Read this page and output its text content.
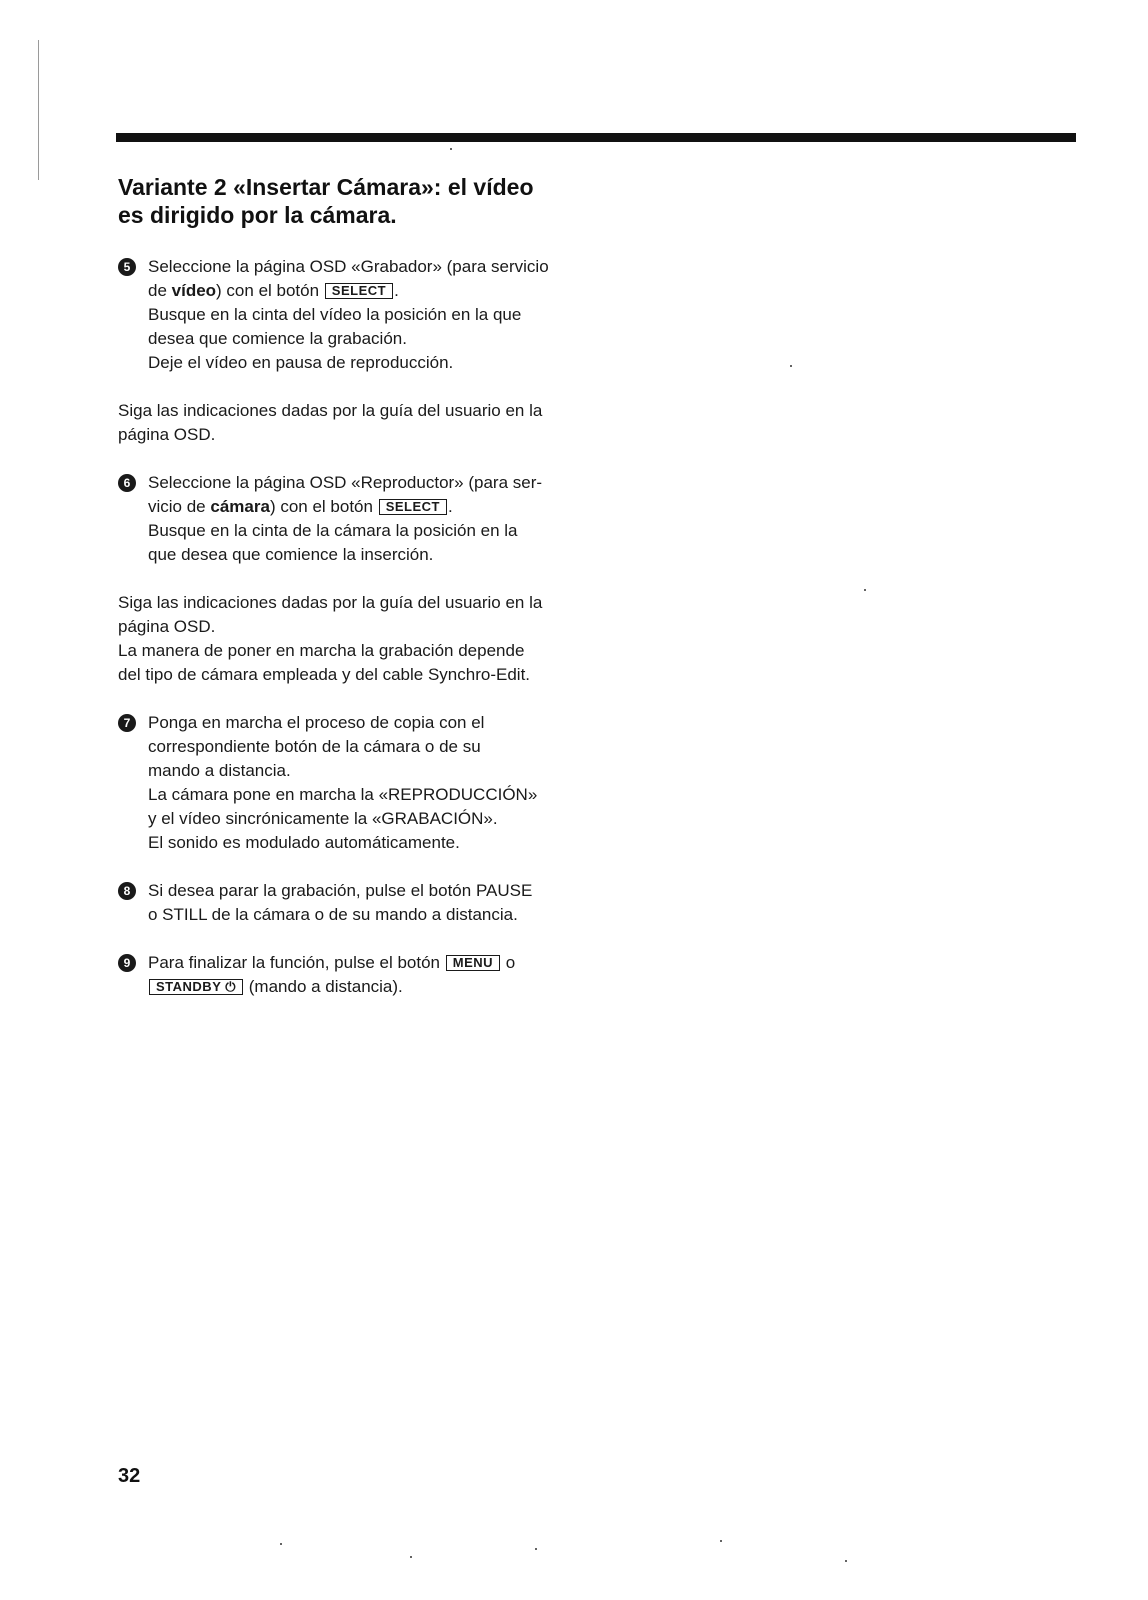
Variante 2 «Insertar Cámara»: el vídeo
es dirigido por la cámara.
5	Seleccione la página OSD «Grabador» (para servicio
de vídeo) con el botón SELECT .
Busque en la cinta del vídeo la posición en la que
desea que comience la grabación.
Deje el vídeo en pausa de reproducción.

Siga las indicaciones dadas por la guía del usuario en la
página OSD.

6	Seleccione la página OSD «Reproductor» (para ser-
vicio de cámara) con el botón SELECT .
Busque en la cinta de la cámara la posición en la
que desea que comience la inserción.

Siga las indicaciones dadas por la guía del usuario en la
página OSD.
La manera de poner en marcha la grabación depende
del tipo de cámara empleada y del cable Synchro-Edit.

7	Ponga en marcha el proceso de copia con el
correspondiente botón de la cámara o de su
mando a distancia.
La cámara pone en marcha la «REPRODUCCIÓN»
y el vídeo sincrónicamente la «GRABACIÓN».
El sonido es modulado automáticamente.

8	Si desea parar la grabación, pulse el botón PAUSE
o STILL de la cámara o de su mando a distancia.

9	Para finalizar la función, pulse el botón MENU o
STANDBY ⏻ (mando a distancia).

32
